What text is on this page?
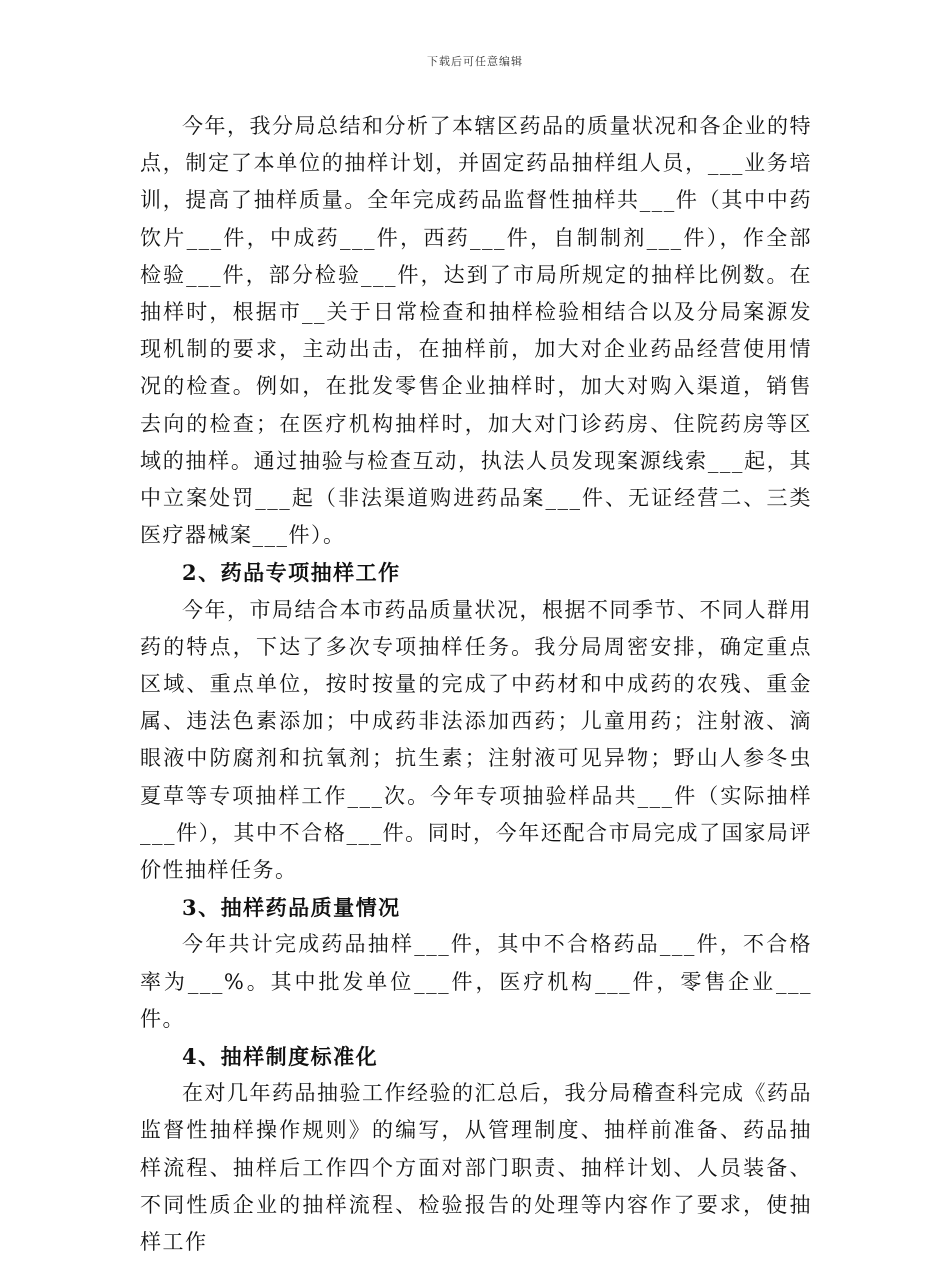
下载后可任意编辑

今年，我分局总结和分析了本辖区药品的质量状况和各企业的特点，制定了本单位的抽样计划，并固定药品抽样组人员，___业务培训，提高了抽样质量。全年完成药品监督性抽样共___件（其中中药饮片___件，中成药___件，西药___件，自制制剂___件），作全部检验___件，部分检验___件，达到了市局所规定的抽样比例数。在抽样时，根据市__关于日常检查和抽样检验相结合以及分局案源发现机制的要求，主动出击，在抽样前，加大对企业药品经营使用情况的检查。例如，在批发零售企业抽样时，加大对购入渠道，销售去向的检查；在医疗机构抽样时，加大对门诊药房、住院药房等区域的抽样。通过抽验与检查互动，执法人员发现案源线索___起，其中立案处罚___起（非法渠道购进药品案___件、无证经营二、三类医疗器械案___件）。

2、药品专项抽样工作

今年，市局结合本市药品质量状况，根据不同季节、不同人群用药的特点，下达了多次专项抽样任务。我分局周密安排，确定重点区域、重点单位，按时按量的完成了中药材和中成药的农残、重金属、违法色素添加；中成药非法添加西药；儿童用药；注射液、滴眼液中防腐剂和抗氧剂；抗生素；注射液可见异物；野山人参冬虫夏草等专项抽样工作___次。今年专项抽验样品共___件（实际抽样___件），其中不合格___件。同时，今年还配合市局完成了国家局评价性抽样任务。

3、抽样药品质量情况

今年共计完成药品抽样___件，其中不合格药品___件，不合格率为___%。其中批发单位___件，医疗机构___件，零售企业___件。

4、抽样制度标准化

在对几年药品抽验工作经验的汇总后，我分局稽查科完成《药品监督性抽样操作规则》的编写，从管理制度、抽样前准备、药品抽样流程、抽样后工作四个方面对部门职责、抽样计划、人员装备、不同性质企业的抽样流程、检验报告的处理等内容作了要求，使抽样工作
